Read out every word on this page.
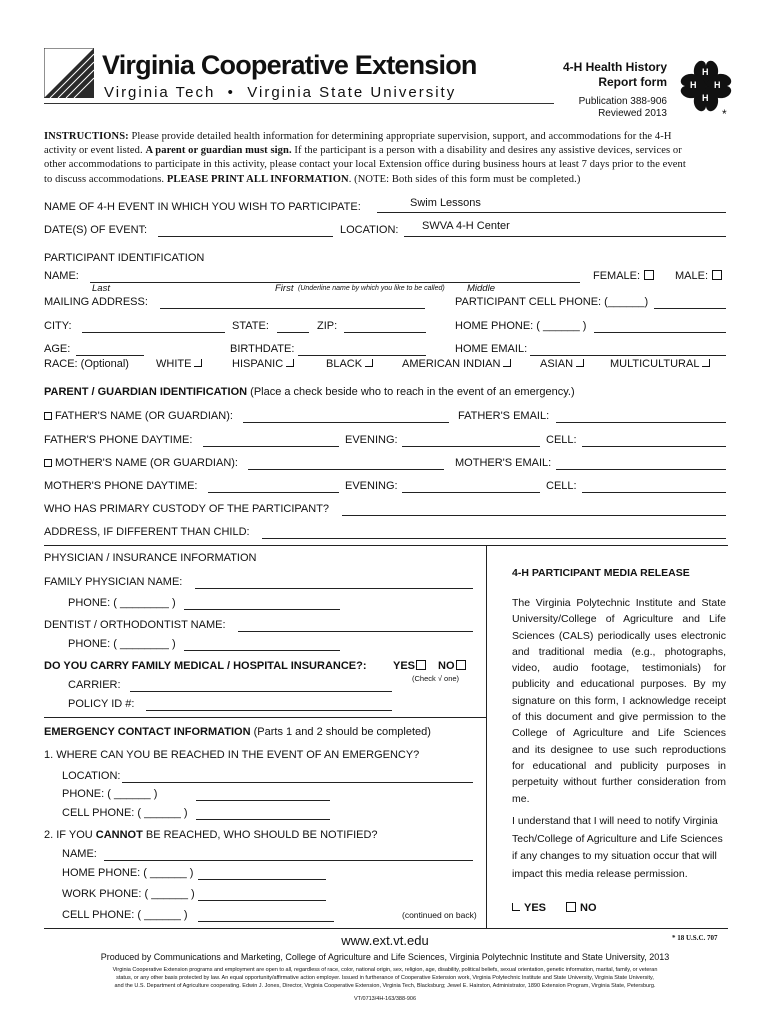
Virginia Cooperative Extension
Virginia Tech  •  Virginia State University
4-H Health History
Report form
Publication 388-906
Reviewed 2013
H
H
H
H
*
INSTRUCTIONS: Please provide detailed health information for determining appropriate supervision, support, and accommodations for the 4-H
activity or event listed. A parent or guardian must sign. If the participant is a person with a disability and desires any assistive devices, services or
other accommodations to participate in this activity, please contact your local Extension office during business hours at least 7 days prior to the event
to discuss accommodations. PLEASE PRINT ALL INFORMATION. (NOTE: Both sides of this form must be completed.)
NAME OF 4-H EVENT IN WHICH YOU WISH TO PARTICIPATE:	Swim Lessons
DATE(S) OF EVENT:	LOCATION: SWVA 4-H Center
PARTICIPANT IDENTIFICATION
NAME:	FEMALE:	MALE:
Last	First (Underline name by which you like to be called) Middle
MAILING ADDRESS:	PARTICIPANT CELL PHONE: (______)
CITY:	STATE:	ZIP:	HOME PHONE: ( ______ )
AGE:	BIRTHDATE:	HOME EMAIL:
RACE: (Optional) WHITE	HISPANIC	BLACK	AMERICAN INDIAN	ASIAN	MULTICULTURAL
PARENT / GUARDIAN IDENTIFICATION (Place a check beside who to reach in the event of an emergency.)
FATHER'S NAME (OR GUARDIAN):	FATHER'S EMAIL:
FATHER'S PHONE DAYTIME:	EVENING:	CELL:
MOTHER'S NAME (OR GUARDIAN):	MOTHER'S EMAIL:
MOTHER'S PHONE DAYTIME:	EVENING:	CELL:
WHO HAS PRIMARY CUSTODY OF THE PARTICIPANT?
ADDRESS, IF DIFFERENT THAN CHILD:
PHYSICIAN / INSURANCE INFORMATION
FAMILY PHYSICIAN NAME:
PHONE: ( ________ )
DENTIST / ORTHODONTIST NAME:
PHONE: ( ________ )
DO YOU CARRY FAMILY MEDICAL / HOSPITAL INSURANCE?: YES	NO
(Check √ one)
CARRIER:
POLICY ID #:
EMERGENCY CONTACT INFORMATION (Parts 1 and 2 should be completed)
1. WHERE CAN YOU BE REACHED IN THE EVENT OF AN EMERGENCY?
LOCATION:
PHONE: ( ______ )
CELL PHONE: ( ______ )
2. IF YOU CANNOT BE REACHED, WHO SHOULD BE NOTIFIED?
NAME:
HOME PHONE: ( ______ )
WORK PHONE: ( ______ )
CELL PHONE: ( ______ )	(continued on back)
4-H PARTICIPANT MEDIA RELEASE

The Virginia Polytechnic Institute and State

University/College of Agriculture and Life

Sciences (CALS) periodically uses electronic

and traditional media (e.g., photographs,

video, audio footage, testimonials) for

publicity and educational purposes. By my

signature on this form, I acknowledge receipt

of this document and give permission to the

College of Agriculture and Life Sciences

and its designee to use such reproductions

for educational and publicity purposes in

perpetuity without further consideration from

me.

I understand that I will need to notify Virginia

Tech/College of Agriculture and Life Sciences

if any changes to my situation occur that will

impact this media release permission.

YES	NO
* 18 U.S.C. 707
www.ext.vt.edu
Produced by Communications and Marketing, College of Agriculture and Life Sciences, Virginia Polytechnic Institute and State University, 2013
Virginia Cooperative Extension programs and employment are open to all, regardless of race, color, national origin, sex, religion, age, disability, political beliefs, sexual orientation, genetic information, marital, family, or veteran
status, or any other basis protected by law. An equal opportunity/affirmative action employer. Issued in furtherance of Cooperative Extension work, Virginia Polytechnic Institute and State University, Virginia State University,
and the U.S. Department of Agriculture cooperating. Edwin J. Jones, Director, Virginia Cooperative Extension, Virginia Tech, Blacksburg; Jewel E. Hairston, Administrator, 1890 Extension Program, Virginia State, Petersburg.
VT/0713/4H-163/388-906
